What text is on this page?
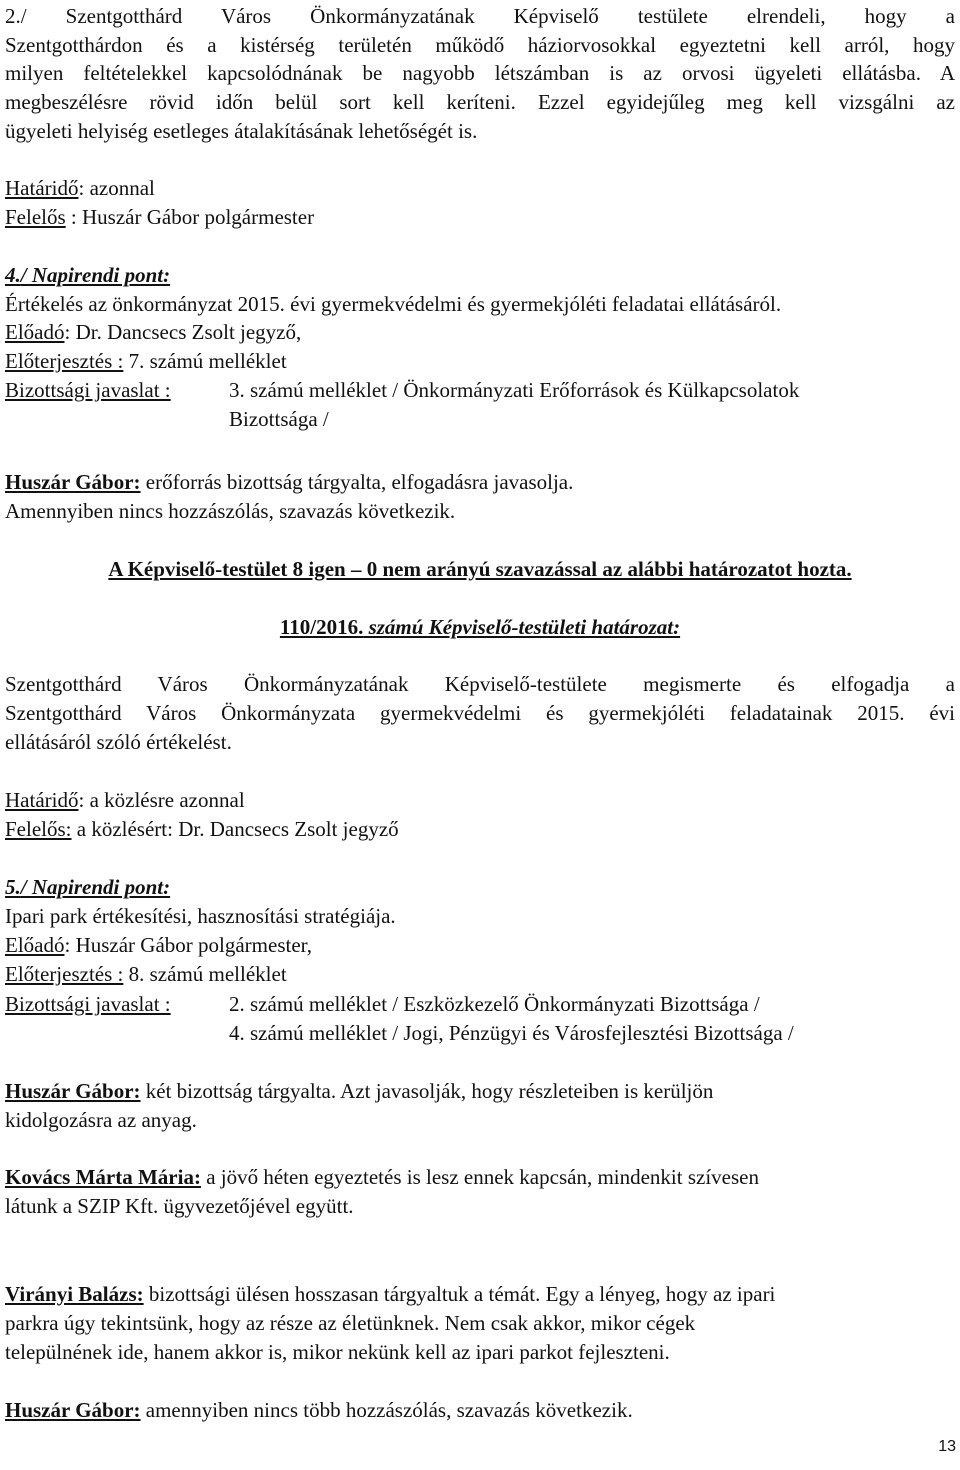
2./ Szentgotthárd Város Önkormányzatának Képviselő testülete elrendeli, hogy a
Szentgotthárdon és a kistérség területén működő háziorvosokkal egyeztetni kell arról, hogy
milyen feltételekkel kapcsolódnának be nagyobb létszámban is az orvosi ügyeleti ellátásba. A
megbeszélésre rövid időn belül sort kell keríteni. Ezzel egyidejűleg meg kell vizsgálni az
ügyeleti helyiség esetleges átalakításának lehetőségét is.
Határidő: azonnal
Felelős : Huszár Gábor polgármester
4./ Napirendi pont:
Értékelés az önkormányzat 2015. évi gyermekvédelmi és gyermekjóléti feladatai ellátásáról.
Előadó: Dr. Dancsecs Zsolt jegyző,
Előterjesztés : 7. számú melléklet
Bizottsági javaslat :	3. számú melléklet / Önkormányzati Erőforrások és Külkapcsolatok
Bizottsága /
Huszár Gábor: erőforrás bizottság tárgyalta, elfogadásra javasolja.
Amennyiben nincs hozzászólás, szavazás következik.
A Képviselő-testület 8 igen – 0 nem arányú szavazással az alábbi határozatot hozta.
110/2016. számú Képviselő-testületi határozat:
Szentgotthárd Város Önkormányzatának Képviselő-testülete megismerte és elfogadja a
Szentgotthárd Város Önkormányzata gyermekvédelmi és gyermekjóléti feladatainak 2015. évi
ellátásáról szóló értékelést.
Határidő: a közlésre azonnal
Felelős: a közlésért: Dr. Dancsecs Zsolt jegyző
5./ Napirendi pont:
Ipari park értékesítési, hasznosítási stratégiája.
Előadó: Huszár Gábor polgármester,
Előterjesztés : 8. számú melléklet
Bizottsági javaslat :	2. számú melléklet / Eszközkezelő Önkormányzati Bizottsága /
4. számú melléklet / Jogi, Pénzügyi és Városfejlesztési Bizottsága /
Huszár Gábor: két bizottság tárgyalta. Azt javasolják, hogy részleteiben is kerüljön
kidolgozásra az anyag.
Kovács Márta Mária: a jövő héten egyeztetés is lesz ennek kapcsán, mindenkit szívesen
látunk a SZIP Kft. ügyvezetőjével együtt.
Virányi Balázs: bizottsági ülésen hosszasan tárgyaltuk a témát. Egy a lényeg, hogy az ipari
parkra úgy tekintsünk, hogy az része az életünknek. Nem csak akkor, mikor cégek
települnének ide, hanem akkor is, mikor nekünk kell az ipari parkot fejleszteni.
Huszár Gábor: amennyiben nincs több hozzászólás, szavazás következik.
13
